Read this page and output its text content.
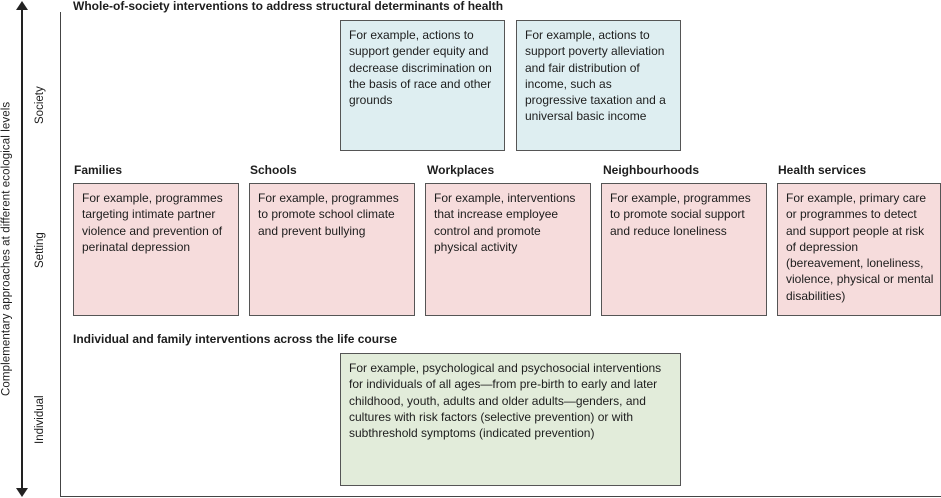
Complementary approaches at different ecological levels Society
Setting
Individual
Whole-of-society interventions to address structural determinants of health
For example, actions to support gender equity and decrease discrimination on the basis of race and other grounds
For example, actions to support poverty alleviation and fair distribution of income, such as progressive taxation and a universal basic income
Families	Schools	Workplaces	Neighbourhoods	Health services
For example, programmes targeting intimate partner violence and prevention of perinatal depression
For example, programmes to promote school climate and prevent bullying
For example, interventions that increase employee control and promote physical activity
For example, programmes to promote social support and reduce loneliness
For example, primary care or programmes to detect and support people at risk of depression (bereavement, loneliness, violence, physical or mental disabilities)
Individual and family interventions across the life course
For example, psychological and psychosocial interventions for individuals of all ages—from pre-birth to early and later childhood, youth, adults and older adults—genders, and cultures with risk factors (selective prevention) or with subthreshold symptoms (indicated prevention)
